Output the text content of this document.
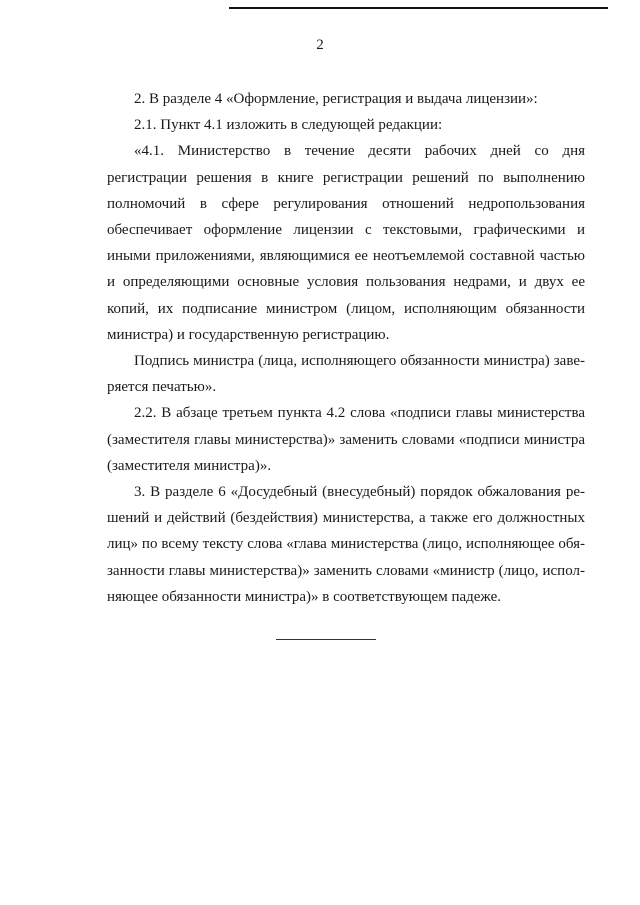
2

2. В разделе 4 «Оформление, регистрация и выдача лицензии»:

2.1. Пункт 4.1 изложить в следующей редакции:

«4.1. Министерство в течение десяти рабочих дней со дня регистрации решения в книге регистрации решений по выполнению полномочий в сфере регулирования отношений недропользования обеспечивает оформление лицензии с текстовыми, графическими и иными приложениями, являющимися ее неотъемлемой составной частью и определяющими основные условия пользования недрами, и двух ее копий, их подписание министром (лицом, исполняющим обязанности министра) и государственную регистрацию.

Подпись министра (лица, исполняющего обязанности министра) заверяется печатью».

2.2. В абзаце третьем пункта 4.2 слова «подписи главы министерства (заместителя главы министерства)» заменить словами «подписи министра (заместителя министра)».

3. В разделе 6 «Досудебный (внесудебный) порядок обжалования решений и действий (бездействия) министерства, а также его должностных лиц» по всему тексту слова «глава министерства (лицо, исполняющее обязанности главы министерства)» заменить словами «министр (лицо, исполняющее обязанности министра)» в соответствующем падеже.
